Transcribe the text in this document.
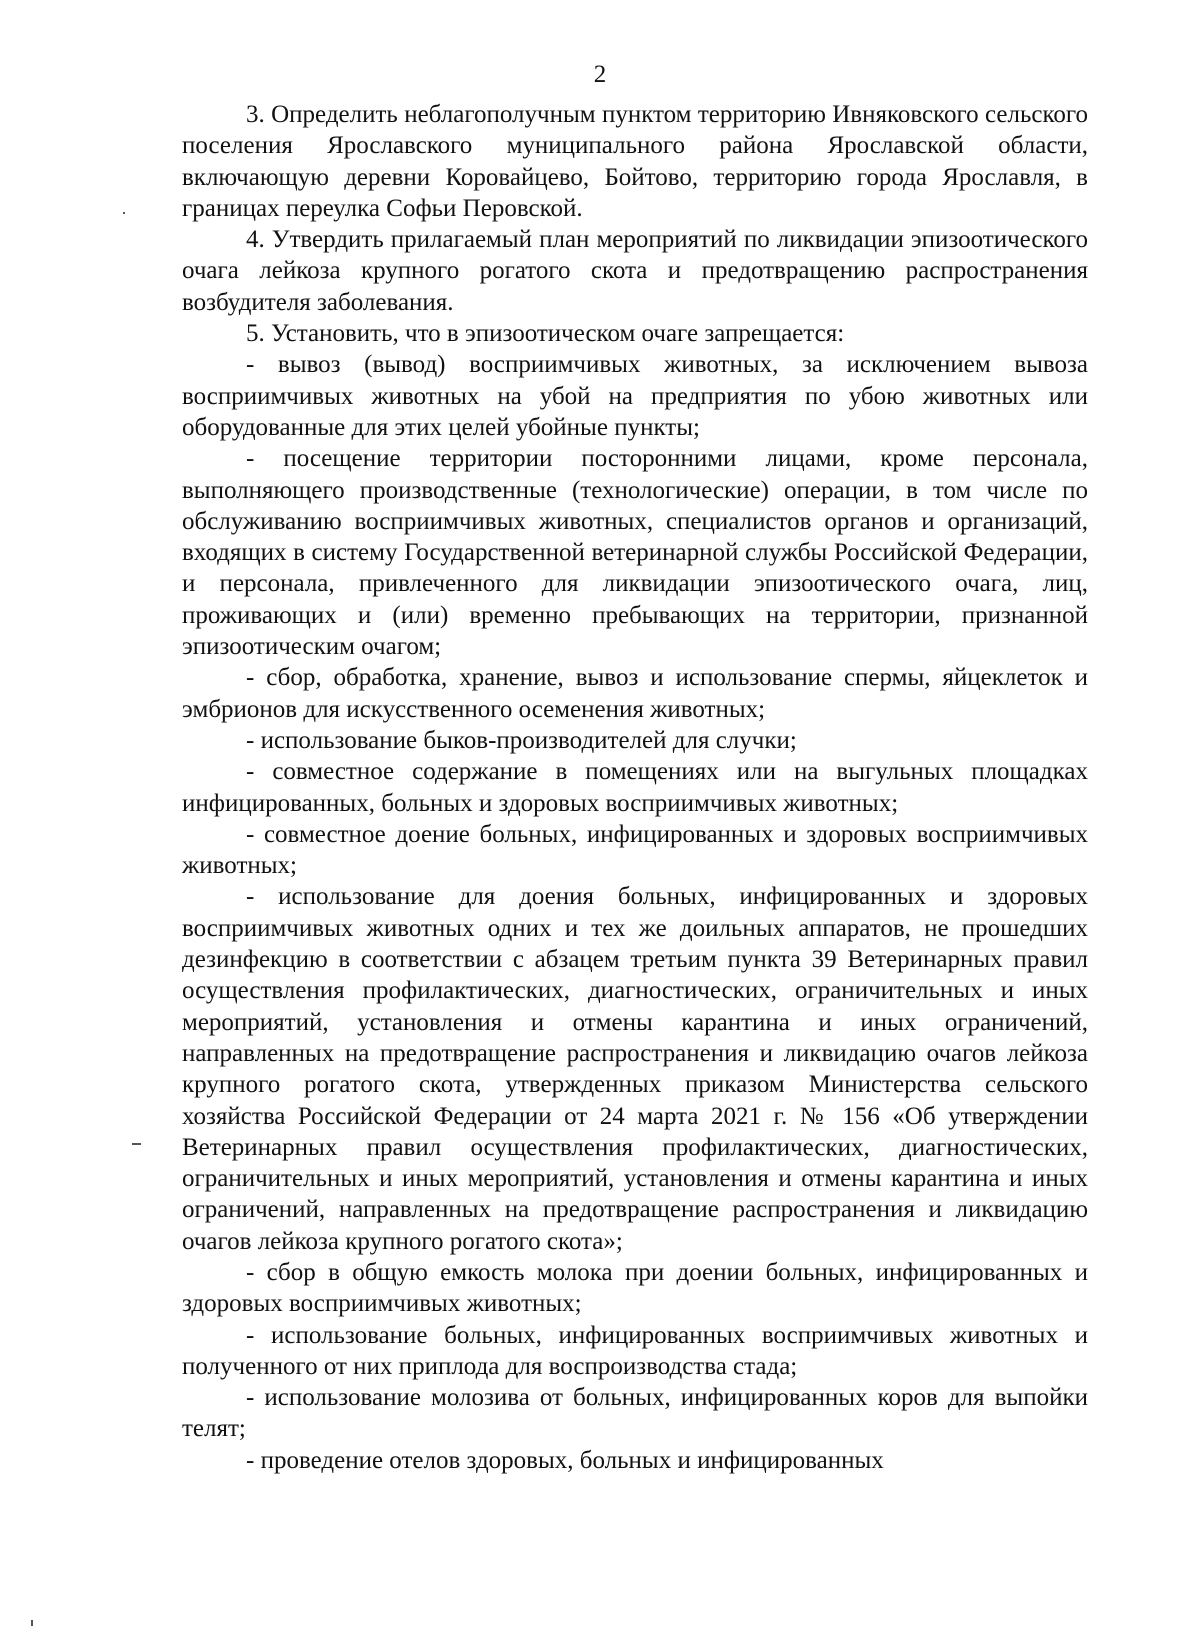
2

3. Определить неблагополучным пунктом территорию Ивняковского сельского поселения Ярославского муниципального района Ярославской области, включающую деревни Коровайцево, Бойтово, территорию города Ярославля, в границах переулка Софьи Перовской.

4. Утвердить прилагаемый план мероприятий по ликвидации эпизоотического очага лейкоза крупного рогатого скота и предотвращению распространения возбудителя заболевания.

5. Установить, что в эпизоотическом очаге запрещается:

- вывоз (вывод) восприимчивых животных, за исключением вывоза восприимчивых животных на убой на предприятия по убою животных или оборудованные для этих целей убойные пункты;

- посещение территории посторонними лицами, кроме персонала, выполняющего производственные (технологические) операции, в том числе по обслуживанию восприимчивых животных, специалистов органов и организаций, входящих в систему Государственной ветеринарной службы Российской Федерации, и персонала, привлеченного для ликвидации эпизоотического очага, лиц, проживающих и (или) временно пребывающих на территории, признанной эпизоотическим очагом;

- сбор, обработка, хранение, вывоз и использование спермы, яйцеклеток и эмбрионов для искусственного осеменения животных;

- использование быков-производителей для случки;

- совместное содержание в помещениях или на выгульных площадках инфицированных, больных и здоровых восприимчивых животных;

- совместное доение больных, инфицированных и здоровых восприимчивых животных;

- использование для доения больных, инфицированных и здоровых восприимчивых животных одних и тех же доильных аппаратов, не прошедших дезинфекцию в соответствии с абзацем третьим пункта 39 Ветеринарных правил осуществления профилактических, диагностических, ограничительных и иных мероприятий, установления и отмены карантина и иных ограничений, направленных на предотвращение распространения и ликвидацию очагов лейкоза крупного рогатого скота, утвержденных приказом Министерства сельского хозяйства Российской Федерации от 24 марта 2021 г. № 156 «Об утверждении Ветеринарных правил осуществления профилактических, диагностических, ограничительных и иных мероприятий, установления и отмены карантина и иных ограничений, направленных на предотвращение распространения и ликвидацию очагов лейкоза крупного рогатого скота»;

- сбор в общую емкость молока при доении больных, инфицированных и здоровых восприимчивых животных;

- использование больных, инфицированных восприимчивых животных и полученного от них приплода для воспроизводства стада;

- использование молозива от больных, инфицированных коров для выпойки телят;

- проведение отелов здоровых, больных и инфицированных
